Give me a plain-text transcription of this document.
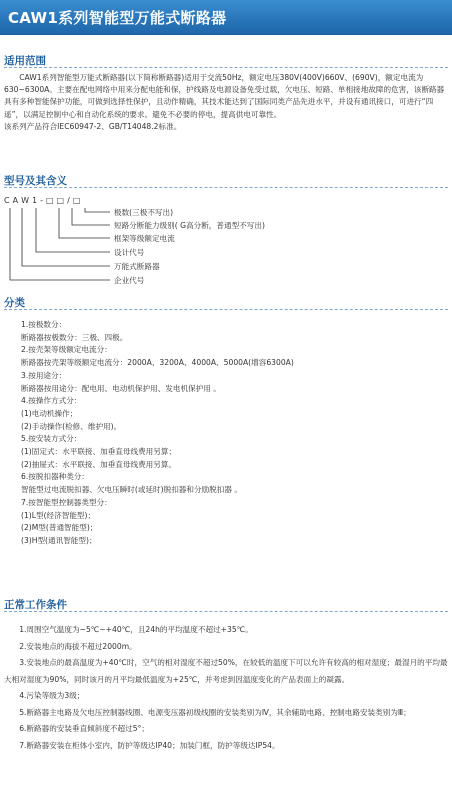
CAW1系列智能型万能式断路器
适用范围

CAW1系列智能型万能式断路器(以下简称断路器)适用于交流50Hz，额定电压380V(400V)660V、(690V)，额定电流为630~6300A。主要在配电网络中用来分配电能和保，护线路及电源设备免受过载，欠电压、短路、单相接地故障的危害，该断路器具有多种智能保护功能，可做到选择性保护，且动作精确，其技术能达到了国际同类产品先进水平，并设有通讯接口，可进行“四遥”，以满足控制中心和自动化系统的要求。避免不必要的停电，提高供电可靠性。

该系列产品符合IEC60947-2、GB/T14048.2标准。

型号及其含义
C A W 1 - □ □ / □
极数(三极不写出)
短路分断能力级别( G高分断，普通型不写出)
框架等级额定电流
设计代号
万能式断路器
企业代号
分类

1.按极数分：

断路器按极数分：三极、四极。

2.按壳架等级额定电流分：

断路器按壳架等级额定电流分：2000A、3200A、4000A、5000A(增容6300A)

3.按用途分：

断路器按用途分：配电用、电动机保护用、发电机保护用 。

4.按操作方式分：

(1)电动机操作；

(2)手动操作(检修、维护用)。

5.按安装方式分：

(1)固定式：水平联接、加垂直母线费用另算；

(2)抽屉式：水平联接、加垂直母线费用另算。

6.按脱扣器种类分：

智能型过电流脱扣器、欠电压瞬时(或延时)脱扣器和分励脱扣器 。

7.按智能型控制器类型分：

(1)L型(经济智能型)；

(2)M型(普通智能型)；

(3)H型(通讯智能型)；

正常工作条件

1.周围空气温度为−5℃~+40℃，且24h的平均温度不超过+35℃。

2.安装地点的海拔不超过2000m。

3.安装地点的最高温度为+40℃时，空气的相对湿度不超过50%，在较低的温度下可以允许有较高的相对湿度；最湿月的平均最大相对湿度为90%，同时该月的月平均最低温度为+25℃，并考虑到因温度变化的产品表面上的凝露。

4.污染等级为3级；

5.断路器主电路及欠电压控制器线圈、电源变压器初级线圈的安装类别为Ⅳ，其余辅助电路、控制电路安装类别为Ⅲ；

6.断路器的安装垂直倾斜度不超过5°；

7.断路器安装在柜体小室内，防护等级达IP40；加装门框，防护等级达IP54。
